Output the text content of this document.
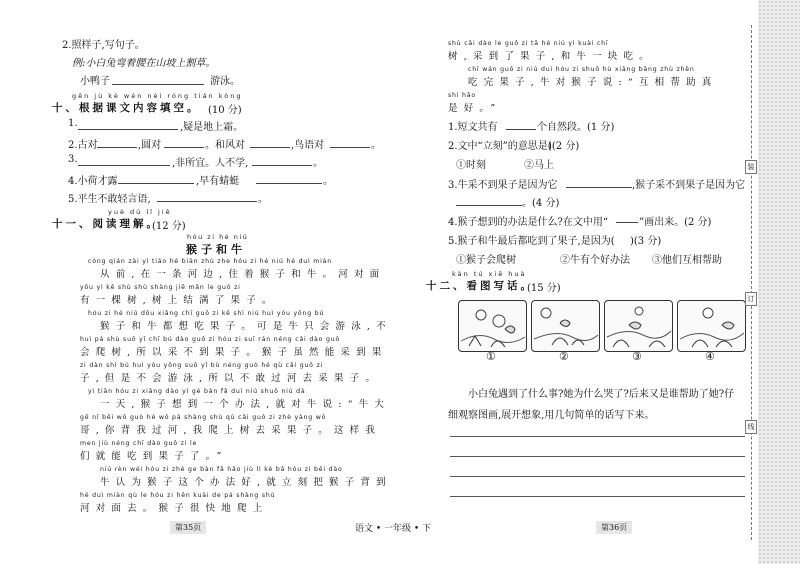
2.照样子,写句子。
例:小白兔弯着腰在山坡上割草。
小鸭子	游泳。
gēn jù kè wén nèi róng tián kòng
十、根据课文内容填空。 (10 分)
1.	,疑是地上霜。
2.古对	,圆对	。和风对	,鸟语对	。
3.	,非所宜。人不学,	。
4.小荷才露	,早有蜻蜓	。
5.平生不敢轻言语,	。
yuè dú lǐ jiě
十一、阅读理解。
(12 分)
hóu zi hé niú
猴子和牛
cóng qián zài yì tiáo hé biān zhù zhe hóu zi hé niú hé duì miàn
从前,在一条河边,住着猴子和牛。河对面
yǒu yì kē shù shù shàng jiē mǎn le guǒ zi
有一棵树,树上结满了果子。
hóu zi hé niú dōu xiǎng chī guǒ zi kě shì niú huì yóu yǒng bú
猴子和牛都想吃果子。可是牛只会游泳,不
huì pá shù suǒ yǐ chī bú dào guǒ zi hóu zi suī rán néng cǎi dào guǒ
会爬树,所以采不到果子。猴子虽然能采到果
zi dàn shì bú huì yóu yǒng suǒ yǐ bù néng guò hé qù cǎi guǒ zi
子,但是不会游泳,所以不敢过河去采果子。
yì tiān hóu zi xiǎng dào yí gè bàn fǎ duì niú shuō niú dà
一天,猴子想到一个办法,就对牛说:“牛大
gē nǐ bēi wǒ guò hé wǒ pá shàng shù qù cǎi guǒ zi zhè yàng wǒ
哥,你背我过河,我爬上树去采果子。这样我
men jiù néng chī dào guǒ zi le
们就能吃到果子了。”
niú rèn wéi hóu zi zhè ge bàn fǎ hǎo jiù lì kè bǎ hóu zi bēi dào
牛认为猴子这个办法好,就立刻把猴子背到
hé duì miàn qù le hóu zi hěn kuài de pá shàng shù
河对面去。猴子很快地爬上
第35页	语文 • 一年级 • 下
shù cǎi dào le guǒ zi tā hé niú yì kuài chī
树,采到了果子,和牛一块吃。
chī wán guǒ zi niú duì hóu zi shuō hù xiāng bāng zhù zhēn
吃完果子,牛对猴子说:“互相帮助真
shì hǎo
是好。”
1.短文共有	个自然段。(1 分)
2.文中“立刻”的意思是(
)(2 分)
①时刻	②马上
3.牛采不到果子是因为它	,猴子采不到果子是因为它
。(4 分)
4.猴子想到的办法是什么?在文中用“	”画出来。(2 分)
5.猴子和牛最后都吃到了果子,是因为( )(3 分)
①猴子会爬树	②牛有个好办法 ③他们互相帮助
kàn tú xiě huà
十二、看图写话。
(15 分)
①	②	③	④
小白兔遇到了什么事?她为什么哭了?后来又是谁帮助了她?仔
细观察图画,展开想象,用几句简单的话写下来。
第36页
装
订
线
